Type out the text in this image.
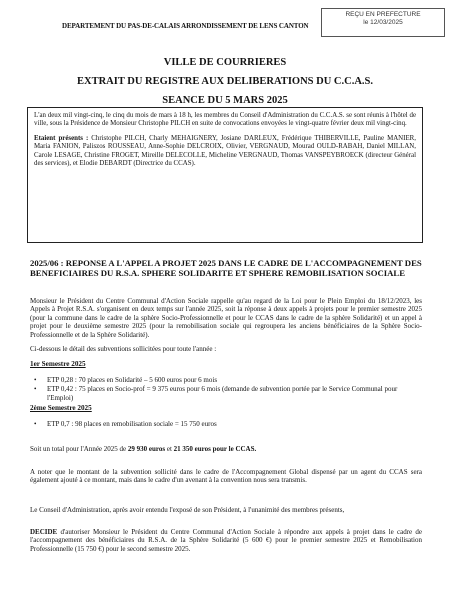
REÇU EN PREFECTURE
le 12/03/2025
DEPARTEMENT DU PAS-DE-CALAIS ARRONDISSEMENT DE LENS CANTON
VILLE DE COURRIERES
EXTRAIT DU REGISTRE AUX DELIBERATIONS DU C.C.A.S.
SEANCE DU 5 MARS 2025

L'an deux mil vingt-cinq, le cinq du mois de mars à 18 h, les membres du Conseil d'Administration du C.C.A.S. se sont réunis à l'hôtel de ville, sous la Présidence de Monsieur Christophe PILCH en suite de convocations envoyées le vingt-quatre février deux mil vingt-cinq.

Etaient présents : Christophe PILCH, Charly MEHAIGNERY, Josiane DARLEUX, Frédérique THIBERVILLE, Pauline MANIER, Maria FANION, Paliszos ROUSSEAU, Anne-Sophie DELCROIX, Olivier, VERGNAUD, Mourad OULD-RABAH, Daniel MILLAN, Carole LESAGE, Christine FROGET, Mireille DELECOLLE, Micheline VERGNAUD, Thomas VANSPEYBROECK (directeur Général des services), et Elodie DEBARDT (Directrice du CCAS).

2025/06 : REPONSE A L'APPEL A PROJET 2025 DANS LE CADRE DE L'ACCOMPAGNEMENT DES BENEFICIAIRES DU R.S.A. SPHERE SOLIDARITE ET SPHERE REMOBILISATION SOCIALE
Monsieur le Président du Centre Communal d'Action Sociale rappelle qu'au regard de la Loi pour le Plein Emploi du 18/12/2023, les Appels à Projet R.S.A. s'organisent en deux temps sur l'année 2025, soit la réponse à deux appels à projets pour le premier semestre 2025 (pour la commune dans le cadre de la sphère Socio-Professionnelle et pour le CCAS dans le cadre de la sphère Solidarité) et un appel à projet pour le deuxième semestre 2025 (pour la remobilisation sociale qui regroupera les anciens bénéficiaires de la Sphère Socio-Professionnelle et de la Sphère Solidarité).
Ci-dessous le détail des subventions sollicitées pour toute l'année :
1er Semestre 2025
• ETP 0,28 : 70 places en Solidarité – 5 600 euros pour 6 mois
• ETP 0,42 : 75 places en Socio-prof = 9 375 euros pour 6 mois (demande de subvention portée par le Service Communal pour l'Emploi)
2ème Semestre 2025
• ETP 0,7 : 98 places en remobilisation sociale = 15 750 euros
Soit un total pour l'Année 2025 de 29 930 euros et 21 350 euros pour le CCAS.
A noter que le montant de la subvention sollicité dans le cadre de l'Accompagnement Global dispensé par un agent du CCAS sera également ajouté à ce montant, mais dans le cadre d'un avenant à la convention nous sera transmis.
Le Conseil d'Administration, après avoir entendu l'exposé de son Président, à l'unanimité des membres présents,
DECIDE d'autoriser Monsieur le Président du Centre Communal d'Action Sociale à répondre aux appels à projet dans le cadre de l'accompagnement des bénéficiaires du R.S.A. de la Sphère Solidarité (5 600 €) pour le premier semestre 2025 et Remobilisation Professionnelle (15 750 €) pour le second semestre 2025.
